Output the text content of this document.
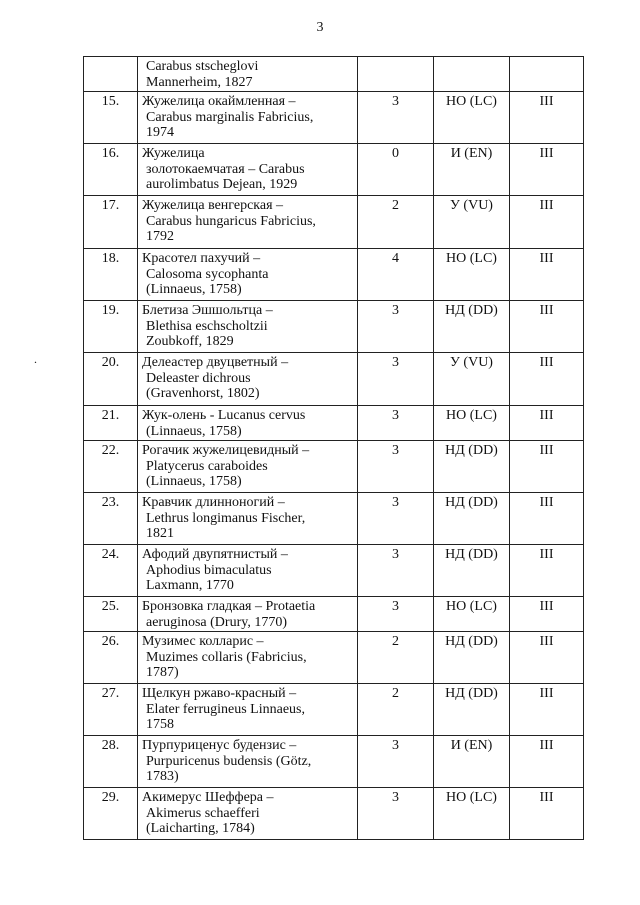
3
.

	Carabus stscheglovi
Mannerheim, 1827			

15.	Жужелица окаймленная –
Carabus marginalis Fabricius,
1974	3	НО (LC)	III
16.	Жужелица
золотокаемчатая – Carabus
aurolimbatus Dejean, 1929	0	И (EN)	III
17.	Жужелица венгерская –
Carabus hungaricus Fabricius,
1792	2	У (VU)	III
18.	Красотел пахучий –
Calosoma sycophanta
(Linnaeus, 1758)	4	НО (LC)	III
19.	Блетиза Эшшольтца –
Blethisa eschscholtzii
Zoubkoff, 1829	3	НД (DD)	III
20.	Делеастер двуцветный –
Deleaster dichrous
(Gravenhorst, 1802)	3	У (VU)	III
21.	Жук-олень - Lucanus cervus
(Linnaeus, 1758)	3	НО (LC)	III
22.	Рогачик жужелицевидный –
Platycerus caraboides
(Linnaeus, 1758)	3	НД (DD)	III
23.	Кравчик длинноногий –
Lethrus longimanus Fischer,
1821	3	НД (DD)	III
24.	Афодий двупятнистый –
Aphodius bimaculatus
Laxmann, 1770	3	НД (DD)	III
25.	Бронзовка гладкая – Protaetia
aeruginosa (Drury, 1770)	3	НО (LC)	III
26.	Музимес колларис –
Muzimes collaris (Fabricius,
1787)	2	НД (DD)	III
27.	Щелкун ржаво-красный –
Elater ferrugineus Linnaeus,
1758	2	НД (DD)	III
28.	Пурпуриценус будензис –
Purpuricenus budensis (Götz,
1783)	3	И (EN)	III
29.	Акимерус Шеффера –
Akimerus schaefferi
(Laicharting, 1784)	3	НО (LC)	III
